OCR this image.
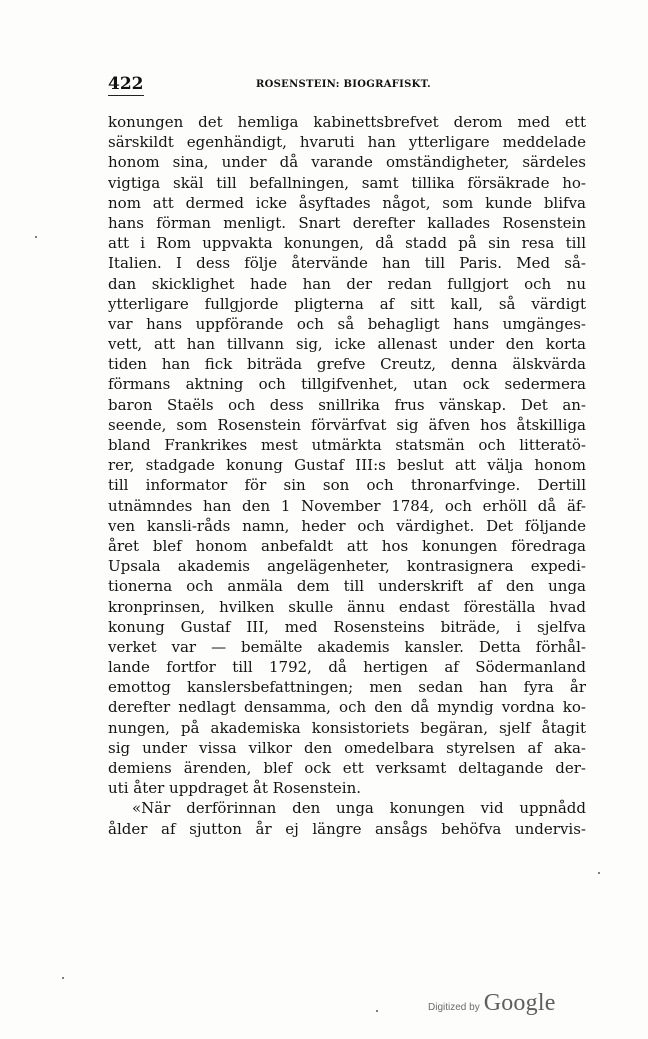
422	ROSENSTEIN: BIOGRAFISKT.
konungen det hemliga kabinettsbrefvet derom med ett
särskildt egenhändigt, hvaruti han ytterligare meddelade
honom sina, under då varande omständigheter, särdeles
vigtiga skäl till befallningen, samt tillika försäkrade ho-
nom att dermed icke åsyftades något, som kunde blifva
hans förman menligt. Snart derefter kallades Rosenstein
att i Rom uppvakta konungen, då stadd på sin resa till
Italien. I dess följe återvände han till Paris. Med så-
dan skicklighet hade han der redan fullgjort och nu
ytterligare fullgjorde pligterna af sitt kall, så värdigt
var hans uppförande och så behagligt hans umgänges-
vett, att han tillvann sig, icke allenast under den korta
tiden han fick biträda grefve Creutz, denna älskvärda
förmans aktning och tillgifvenhet, utan ock sedermera
baron Staëls och dess snillrika frus vänskap. Det an-
seende, som Rosenstein förvärfvat sig äfven hos åtskilliga
bland Frankrikes mest utmärkta statsmän och litteratö-
rer, stadgade konung Gustaf III:s beslut att välja honom
till informator för sin son och thronarfvinge. Dertill
utnämndes han den 1 November 1784, och erhöll då äf-
ven kansli-råds namn, heder och värdighet. Det följande
året blef honom anbefaldt att hos konungen föredraga
Upsala akademis angelägenheter, kontrasignera expedi-
tionerna och anmäla dem till underskrift af den unga
kronprinsen, hvilken skulle ännu endast föreställa hvad
konung Gustaf III, med Rosensteins biträde, i sjelfva
verket var — bemälte akademis kansler. Detta förhål-
lande fortfor till 1792, då hertigen af Södermanland
emottog kanslersbefattningen; men sedan han fyra år
derefter nedlagt densamma, och den då myndig vordna ko-
nungen, på akademiska konsistoriets begäran, sjelf åtagit
sig under vissa vilkor den omedelbara styrelsen af aka-
demiens ärenden, blef ock ett verksamt deltagande der-
uti åter uppdraget åt Rosenstein.
«När derförinnan den unga konungen vid uppnådd
ålder af sjutton år ej längre ansågs behöfva undervis-
Digitized by Google
